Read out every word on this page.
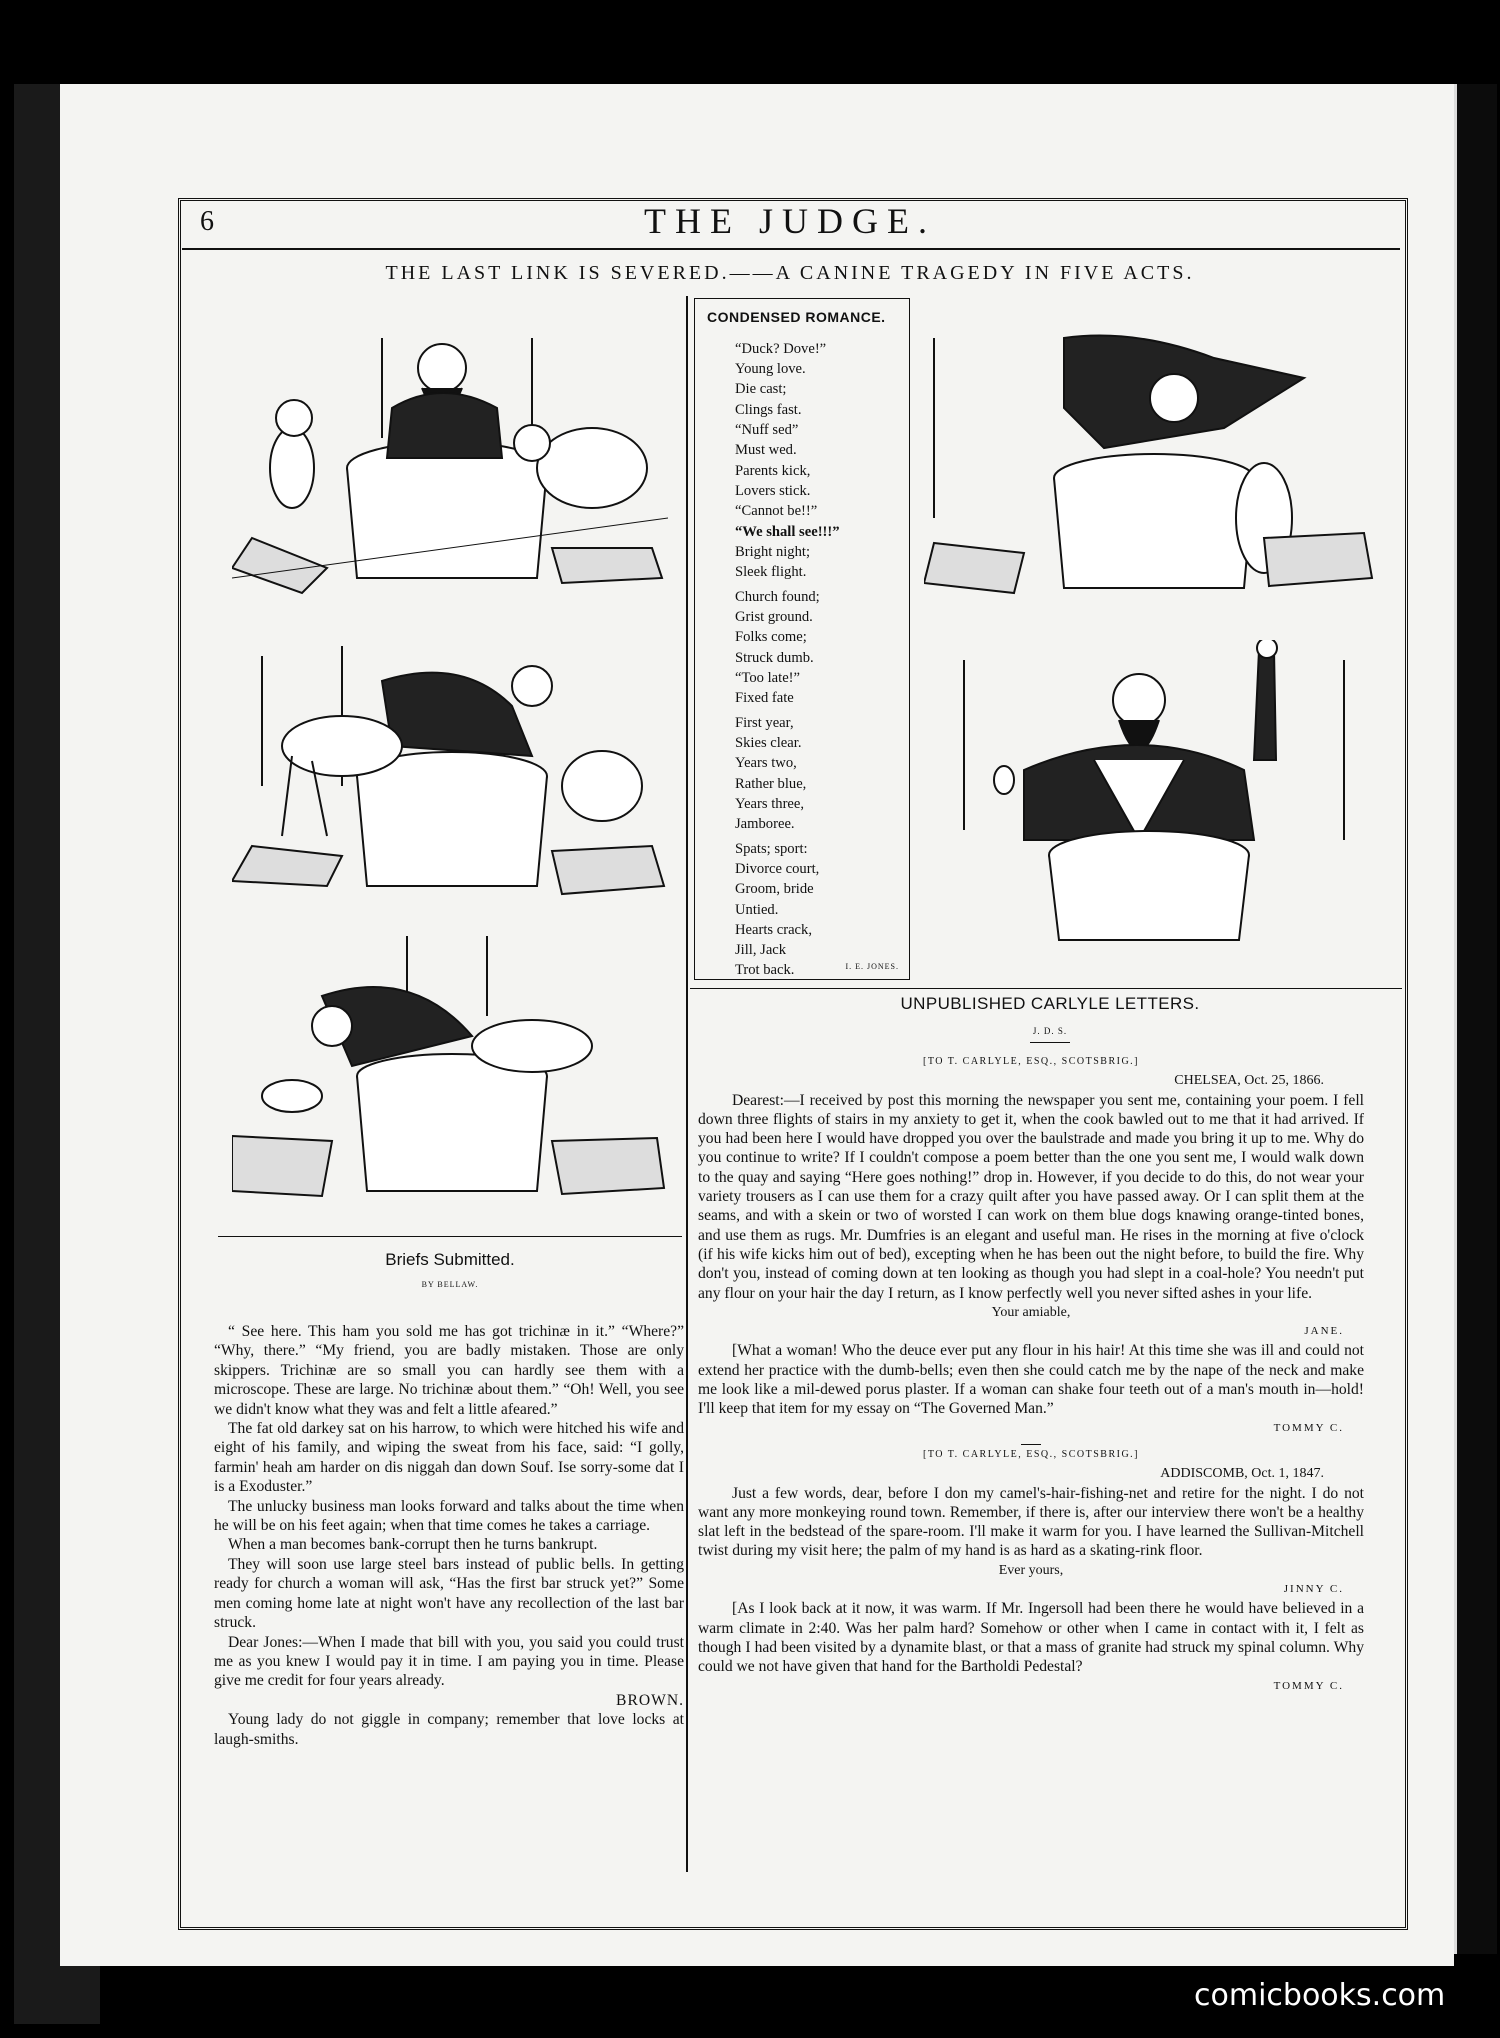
6	THE JUDGE.
THE LAST LINK IS SEVERED.——A CANINE TRAGEDY IN FIVE ACTS.
CONDENSED ROMANCE.
“Duck? Dove!”
Young love.
Die cast;
Clings fast.
“Nuff sed”
Must wed.
Parents kick,
Lovers stick.
“Cannot be!!”
“We shall see!!!”
Bright night;
Sleek flight.
Church found;
Grist ground.
Folks come;
Struck dumb.
“Too late!”
Fixed fate
First year,
Skies clear.
Years two,
Rather blue,
Years three,
Jamboree.
Spats; sport:
Divorce court,
Groom, bride
Untied.
Hearts crack,
Jill, Jack
Trot back.	I. E. JONES.
Briefs Submitted.
BY BELLAW.

“ See here. This ham you sold me has got trichinæ in it.” “Where?” “Why, there.” “My friend, you are badly mistaken. Those are only skippers. Trichinæ are so small you can hardly see them with a microscope. These are large. No trichinæ about them.” “Oh! Well, you see we didn't know what they was and felt a little afeared.”

The fat old darkey sat on his harrow, to which were hitched his wife and eight of his family, and wiping the sweat from his face, said: “I golly, farmin' heah am harder on dis niggah dan down Souf. Ise sorry-some dat I is a Exoduster.”

The unlucky business man looks forward and talks about the time when he will be on his feet again; when that time comes he takes a carriage.

When a man becomes bank-corrupt then he turns bankrupt.

They will soon use large steel bars instead of public bells. In getting ready for church a woman will ask, “Has the first bar struck yet?” Some men coming home late at night won't have any recollection of the last bar struck.

Dear Jones:—When I made that bill with you, you said you could trust me as you knew I would pay it in time. I am paying you in time. Please give me credit for four years already.

BROWN.

Young lady do not giggle in company; remember that love locks at laugh-smiths.

UNPUBLISHED CARLYLE LETTERS.
J. D. S.

[TO T. CARLYLE, ESQ., SCOTSBRIG.]

CHELSEA, Oct. 25, 1866.

Dearest:—I received by post this morning the newspaper you sent me, containing your poem. I fell down three flights of stairs in my anxiety to get it, when the cook bawled out to me that it had arrived. If you had been here I would have dropped you over the baulstrade and made you bring it up to me. Why do you continue to write? If I couldn't compose a poem better than the one you sent me, I would walk down to the quay and saying “Here goes nothing!” drop in. However, if you decide to do this, do not wear your variety trousers as I can use them for a crazy quilt after you have passed away. Or I can split them at the seams, and with a skein or two of worsted I can work on them blue dogs knawing orange-tinted bones, and use them as rugs. Mr. Dumfries is an elegant and useful man. He rises in the morning at five o'clock (if his wife kicks him out of bed), excepting when he has been out the night before, to build the fire. Why don't you, instead of coming down at ten looking as though you had slept in a coal-hole? You needn't put any flour on your hair the day I return, as I know perfectly well you never sifted ashes in your life.

Your amiable,

JANE.

[What a woman! Who the deuce ever put any flour in his hair! At this time she was ill and could not extend her practice with the dumb-bells; even then she could catch me by the nape of the neck and make me look like a mil-dewed porus plaster. If a woman can shake four teeth out of a man's mouth in—hold! I'll keep that item for my essay on “The Governed Man.”

TOMMY C.

[TO T. CARLYLE, ESQ., SCOTSBRIG.]

ADDISCOMB, Oct. 1, 1847.

Just a few words, dear, before I don my camel's-hair-fishing-net and retire for the night. I do not want any more monkeying round town. Remember, if there is, after our interview there won't be a healthy slat left in the bedstead of the spare-room. I'll make it warm for you. I have learned the Sullivan-Mitchell twist during my visit here; the palm of my hand is as hard as a skating-rink floor.

Ever yours,

JINNY C.

[As I look back at it now, it was warm. If Mr. Ingersoll had been there he would have believed in a warm climate in 2:40. Was her palm hard? Somehow or other when I came in contact with it, I felt as though I had been visited by a dynamite blast, or that a mass of granite had struck my spinal column. Why could we not have given that hand for the Bartholdi Pedestal?

TOMMY C.

comicbooks.com
